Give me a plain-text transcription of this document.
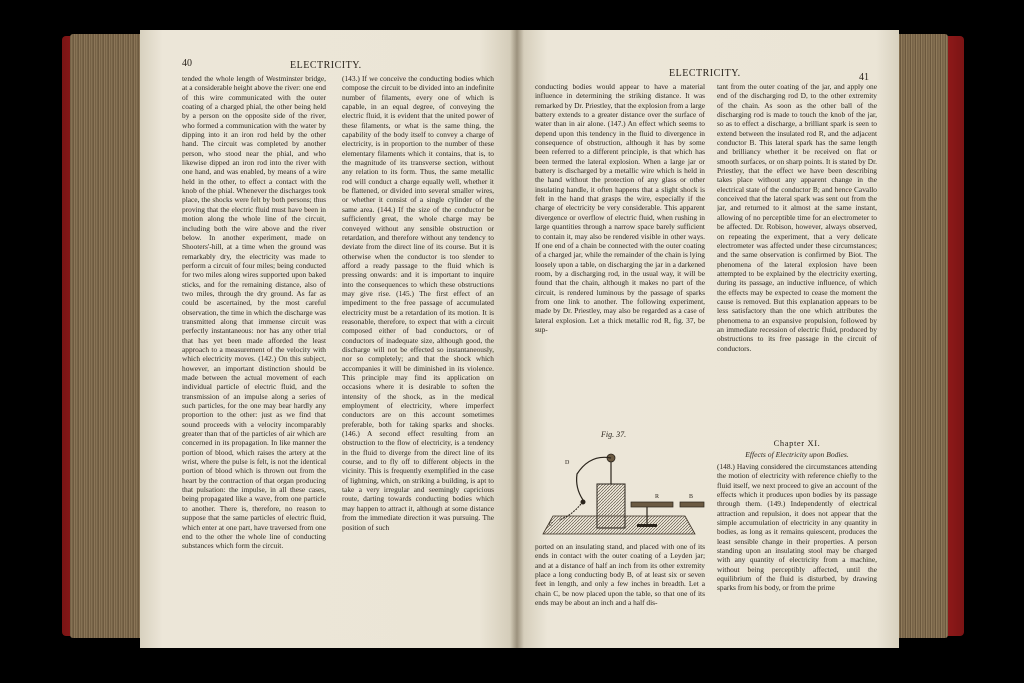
40	ELECTRICITY.
tended the whole length of Westminster bridge, at a considerable height above the river: one end of this wire communicated with the outer coating of a charged phial, the other being held by a person on the opposite side of the river, who formed a communication with the water by dipping into it an iron rod held by the other hand. The circuit was completed by another person, who stood near the phial, and who likewise dipped an iron rod into the river with one hand, and was enabled, by means of a wire held in the other, to effect a contact with the knob of the phial. Whenever the discharges took place, the shocks were felt by both persons; thus proving that the electric fluid must have been in motion along the whole line of the circuit, including both the wire above and the river below. In another experiment, made on Shooters'-hill, at a time when the ground was remarkably dry, the electricity was made to perform a circuit of four miles; being conducted for two miles along wires supported upon baked sticks, and for the remaining distance, also of two miles, through the dry ground. As far as could be ascertained, by the most careful observation, the time in which the discharge was transmitted along that immense circuit was perfectly instantaneous: nor has any other trial that has yet been made afforded the least approach to a measurement of the velocity with which electricity moves. (142.) On this subject, however, an important distinction should be made between the actual movement of each individual particle of electric fluid, and the transmission of an impulse along a series of such particles, for the one may bear hardly any proportion to the other: just as we find that sound proceeds with a velocity incomparably greater than that of the particles of air which are concerned in its propagation. In like manner the portion of blood, which raises the artery at the wrist, where the pulse is felt, is not the identical portion of blood which is thrown out from the heart by the contraction of that organ producing that pulsation: the impulse, in all these cases, being propagated like a wave, from one particle to another. There is, therefore, no reason to suppose that the same particles of electric fluid, which enter at one part, have traversed from one end to the other the whole line of conducting substances which form the circuit.
(143.) If we conceive the conducting bodies which compose the circuit to be divided into an indefinite number of filaments, every one of which is capable, in an equal degree, of conveying the electric fluid, it is evident that the united power of these filaments, or what is the same thing, the capability of the body itself to convey a charge of electricity, is in proportion to the number of these elementary filaments which it contains, that is, to the magnitude of its transverse section, without any relation to its form. Thus, the same metallic rod will conduct a charge equally well, whether it be flattened, or divided into several smaller wires, or whether it consist of a single cylinder of the same area. (144.) If the size of the conductor be sufficiently great, the whole charge may be conveyed without any sensible obstruction or retardation, and therefore without any tendency to deviate from the direct line of its course. But it is otherwise when the conductor is too slender to afford a ready passage to the fluid which is pressing onwards: and it is important to inquire into the consequences to which these obstructions may give rise. (145.) The first effect of an impediment to the free passage of accumulated electricity must be a retardation of its motion. It is reasonable, therefore, to expect that with a circuit composed either of bad conductors, or of conductors of inadequate size, although good, the discharge will not be effected so instantaneously, nor so completely; and that the shock which accompanies it will be diminished in its violence. This principle may find its application on occasions where it is desirable to soften the intensity of the shock, as in the medical employment of electricity, where imperfect conductors are on this account sometimes preferable, both for taking sparks and shocks. (146.) A second effect resulting from an obstruction to the flow of electricity, is a tendency in the fluid to diverge from the direct line of its course, and to fly off to different objects in the vicinity. This is frequently exemplified in the case of lightning, which, on striking a building, is apt to take a very irregular and seemingly capricious route, darting towards conducting bodies which may happen to attract it, although at some distance from the immediate direction it was pursuing. The position of such
ELECTRICITY.	41
conducting bodies would appear to have a material influence in determining the striking distance. It was remarked by Dr. Priestley, that the explosion from a large battery extends to a greater distance over the surface of water than in air alone. (147.) An effect which seems to depend upon this tendency in the fluid to divergence in consequence of obstruction, although it has by some been referred to a different principle, is that which has been termed the lateral explosion. When a large jar or battery is discharged by a metallic wire which is held in the hand without the protection of any glass or other insulating handle, it often happens that a slight shock is felt in the hand that grasps the wire, especially if the charge of electricity be very considerable. This apparent divergence or overflow of electric fluid, when rushing in large quantities through a narrow space barely sufficient to contain it, may also be rendered visible in other ways. If one end of a chain be connected with the outer coating of a charged jar, while the remainder of the chain is lying loosely upon a table, on discharging the jar in a darkened room, by a discharging rod, in the usual way, it will be found that the chain, although it makes no part of the circuit, is rendered luminous by the passage of sparks from one link to another. The following experiment, made by Dr. Priestley, may also be regarded as a case of lateral explosion. Let a thick metallic rod R, fig. 37, be sup-
Fig. 37.
D
R	B
C
ported on an insulating stand, and placed with one of its ends in contact with the outer coating of a Leyden jar; and at a distance of half an inch from its other extremity place a long conducting body B, of at least six or seven feet in length, and only a few inches in breadth. Let a chain C, be now placed upon the table, so that one of its ends may be about an inch and a half dis-
tant from the outer coating of the jar, and apply one end of the discharging rod D, to the other extremity of the chain. As soon as the other ball of the discharging rod is made to touch the knob of the jar, so as to effect a discharge, a brilliant spark is seen to extend between the insulated rod R, and the adjacent conductor B. This lateral spark has the same length and brilliancy whether it be received on flat or smooth surfaces, or on sharp points. It is stated by Dr. Priestley, that the effect we have been describing takes place without any apparent change in the electrical state of the conductor B; and hence Cavallo conceived that the lateral spark was sent out from the jar, and returned to it almost at the same instant, allowing of no perceptible time for an electrometer to be affected. Dr. Robison, however, always observed, on repeating the experiment, that a very delicate electrometer was affected under these circumstances; and the same observation is confirmed by Biot. The phenomena of the lateral explosion have been attempted to be explained by the electricity exerting, during its passage, an inductive influence, of which the effects may be expected to cease the moment the cause is removed. But this explanation appears to be less satisfactory than the one which attributes the phenomena to an expansive propulsion, followed by an immediate recession of electric fluid, produced by obstructions to its free passage in the circuit of conductors.
Chapter XI.
Effects of Electricity upon Bodies.
(148.) Having considered the circumstances attending the motion of electricity with reference chiefly to the fluid itself, we next proceed to give an account of the effects which it produces upon bodies by its passage through them. (149.) Independently of electrical attraction and repulsion, it does not appear that the simple accumulation of electricity in any quantity in bodies, as long as it remains quiescent, produces the least sensible change in their properties. A person standing upon an insulating stool may be charged with any quantity of electricity from a machine, without being perceptibly affected, until the equilibrium of the fluid is disturbed, by drawing sparks from his body, or from the prime
